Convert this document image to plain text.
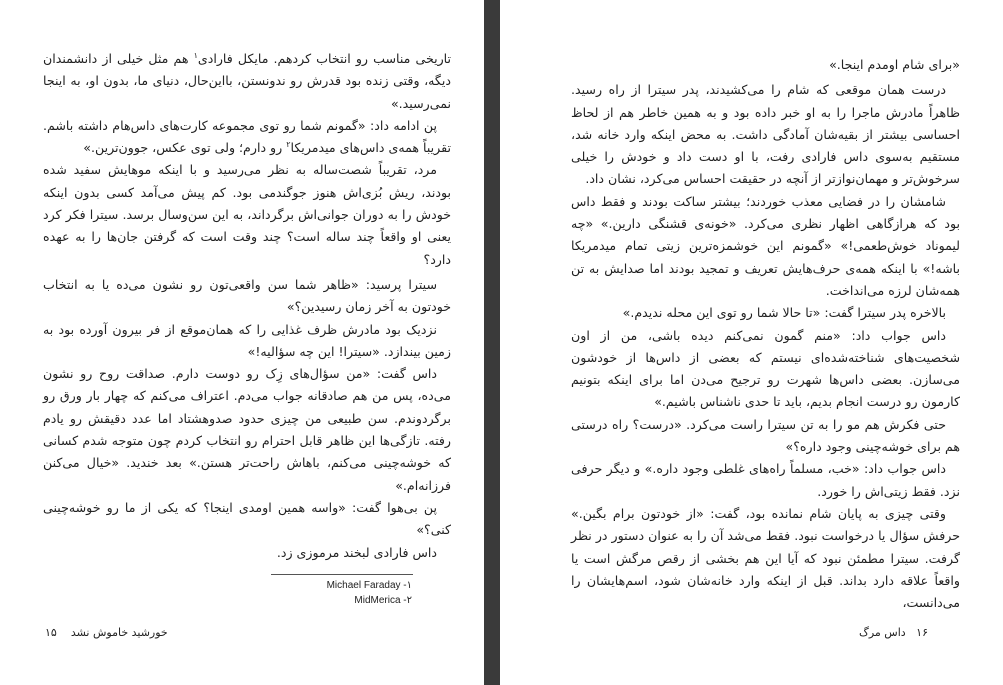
تاریخی مناسب رو انتخاب کردهم. مایکل فارادی$^۱$ هم مثل خیلی از دانشمندان دیگه، وقتی زنده بود قدرش رو ندونستن، بااین‌حال، دنیای ما، بدون او، به اینجا نمی‌رسید.»

پن ادامه داد: «گمونم شما رو توی مجموعه کارت‌های داس‌هام داشته باشم. تقریباً همه‌ی داس‌های میدمریکا$^۲$ رو دارم؛ ولی توی عکس، جوون‌ترین.»

مرد، تقریباً شصت‌ساله به نظر می‌رسید و با اینکه موهایش سفید شده بودند، ریش بُزی‌اش هنوز جوگندمی بود. کم پیش می‌آمد کسی بدون اینکه خودش را به دوران جوانی‌اش برگرداند، به این سن‌وسال برسد. سیترا فکر کرد یعنی او واقعاً چند ساله است؟ چند وقت است که گرفتن جان‌ها را به عهده دارد؟

سیترا پرسید: «ظاهر شما سن واقعی‌تون رو نشون می‌ده یا به انتخاب خودتون به آخر زمان رسیدین؟»

نزدیک بود مادرش ظرف غذایی را که همان‌موقع از فر بیرون آورده بود به زمین بیندازد. «سیترا! این چه سؤالیه!»

داس گفت: «من سؤال‌های زِک رو دوست دارم. صداقت روح رو نشون می‌ده، پس من هم صادقانه جواب می‌دم. اعتراف می‌کنم که چهار بار ورق رو برگردوندم. سن طبیعی من چیزی حدود صدوهشتاد اما عدد دقیقش رو یادم رفته. تازگی‌ها این ظاهر قابل احترام رو انتخاب کردم چون متوجه شدم کسانی که خوشه‌چینی می‌کنم، باهاش راحت‌تر هستن.» بعد خندید. «خیال می‌کنن فرزانه‌ام.»

پن بی‌هوا گفت: «واسه همین اومدی اینجا؟ که یکی از ما رو خوشه‌چینی کنی؟»

داس فارادی لبخند مرموزی زد.

Michael Faraday -۱
MidMerica -۲
خورشید خاموش نشد    ۱۵

«برای شام اومدم اینجا.»

درست همان موقعی که شام را می‌کشیدند، پدر سیترا از راه رسید. ظاهراً مادرش ماجرا را به او خبر داده بود و به همین خاطر هم از لحاظ احساسی بیشتر از بقیه‌شان آمادگی داشت. به محض اینکه وارد خانه شد، مستقیم به‌سوی داس فارادی رفت، با او دست داد و خودش را خیلی سرخوش‌تر و مهمان‌نوازتر از آنچه در حقیقت احساس می‌کرد، نشان داد.

شامشان را در فضایی معذب خوردند؛ بیشتر ساکت بودند و فقط داس بود که هرازگاهی اظهار نظری می‌کرد. «خونه‌ی قشنگی دارین.» «چه لیموناد خوش‌طعمی!» «گمونم این خوشمزه‌ترین زیتی تمام میدمریکا باشه!» با اینکه همه‌ی حرف‌هایش تعریف و تمجید بودند اما صدایش به تن همه‌شان لرزه می‌انداخت.

بالاخره پدر سیترا گفت: «تا حالا شما رو توی این محله ندیدم.»

داس جواب داد: «منم گمون نمی‌کنم دیده باشی، من از اون شخصیت‌های شناخته‌شده‌ای نیستم که بعضی از داس‌ها از خودشون می‌سازن. بعضی داس‌ها شهرت رو ترجیح می‌دن اما برای اینکه بتونیم کارمون رو درست انجام بدیم، باید تا حدی ناشناس باشیم.»

حتی فکرش هم مو را به تن سیترا راست می‌کرد. «درست؟ راه درستی هم برای خوشه‌چینی وجود داره؟»

داس جواب داد: «خب، مسلماً راه‌های غلطی وجود داره.» و دیگر حرفی نزد. فقط زیتی‌اش را خورد.

وقتی چیزی به پایان شام نمانده بود، گفت: «از خودتون برام بگین.» حرفش سؤال یا درخواست نبود. فقط می‌شد آن را به عنوان دستور در نظر گرفت. سیترا مطمئن نبود که آیا این هم بخشی از رقص مرگش است یا واقعاً علاقه دارد بداند. قبل از اینکه وارد خانه‌شان شود، اسم‌هایشان را می‌دانست،

۱۶   داس مرگ
